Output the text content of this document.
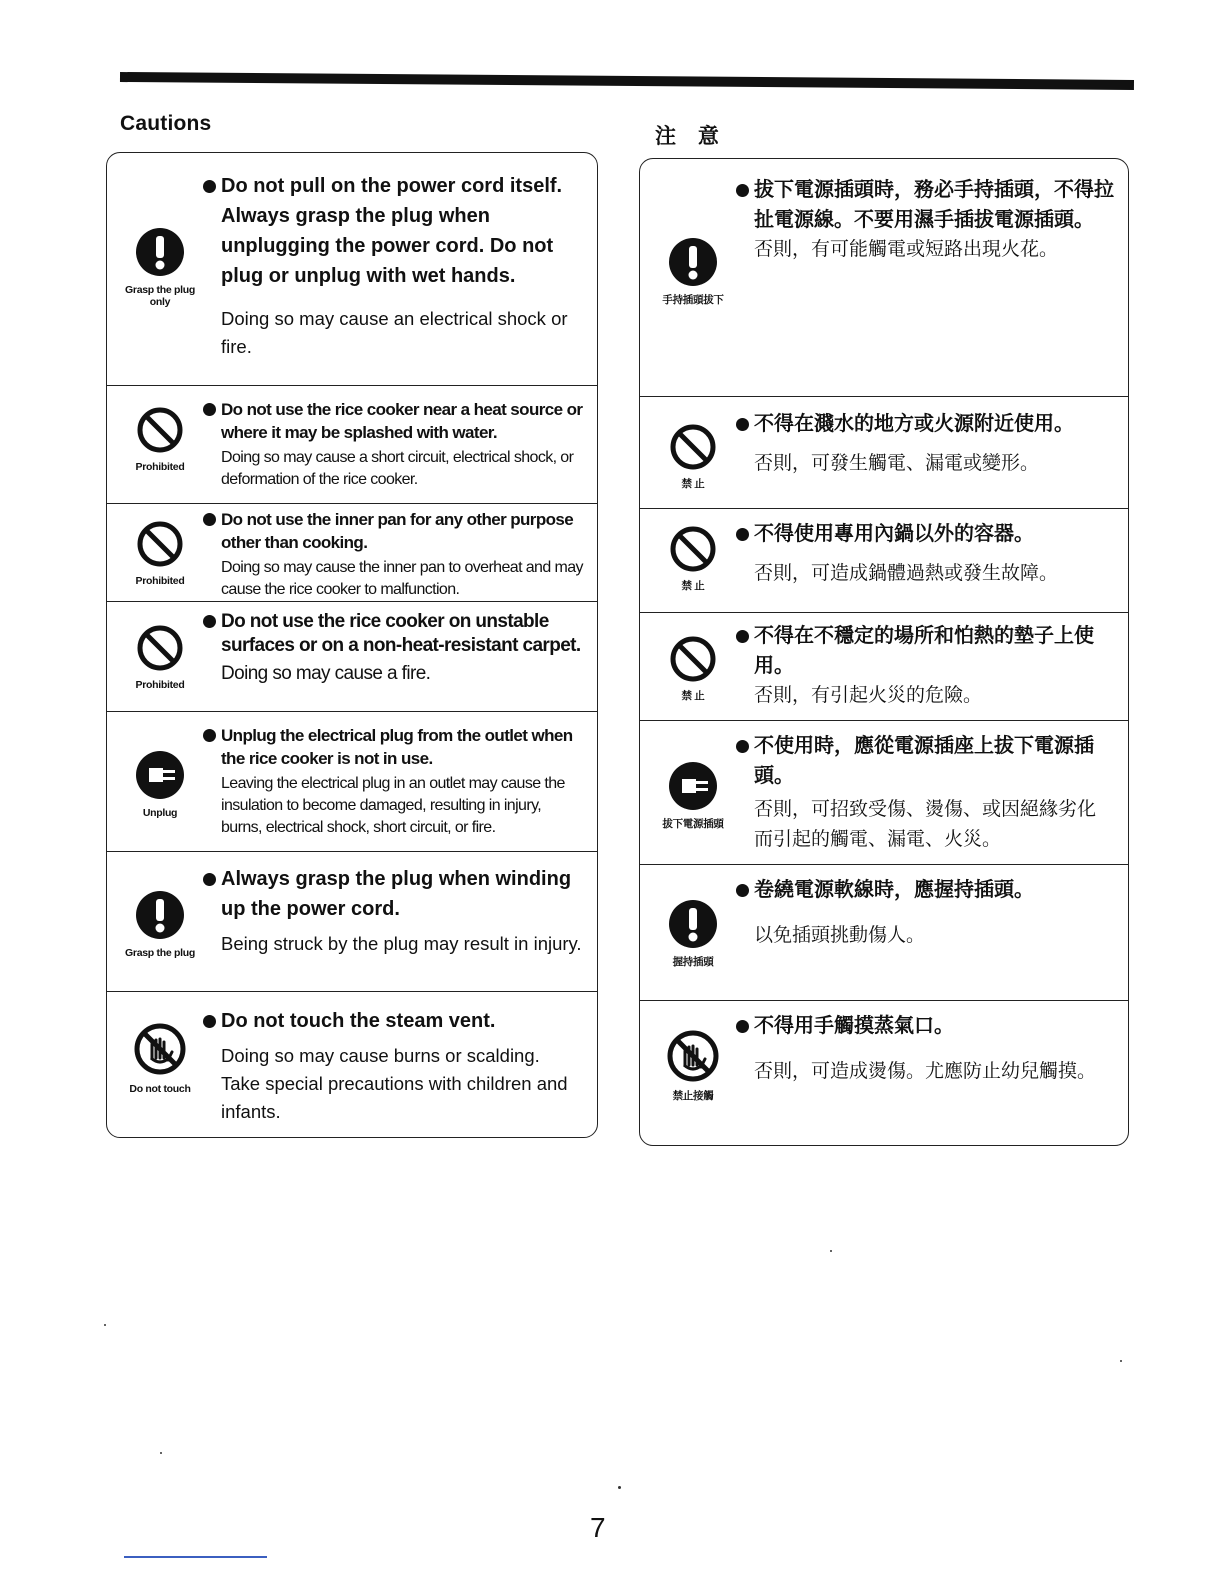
Cautions
注 意
Grasp the plug only

Do not pull on the power cord itself. Always grasp the plug when unplugging the power cord. Do not plug or unplug with wet hands.

Doing so may cause an electrical shock or fire.

Prohibited

Do not use the rice cooker near a heat source or where it may be splashed with water.

Doing so may cause a short circuit, electrical shock, or deformation of the rice cooker.

Prohibited

Do not use the inner pan for any other purpose other than cooking.

Doing so may cause the inner pan to overheat and may cause the rice cooker to malfunction.

Prohibited

Do not use the rice cooker on unstable surfaces or on a non-heat-resistant carpet.

Doing so may cause a fire.

Unplug

Unplug the electrical plug from the outlet when the rice cooker is not in use.

Leaving the electrical plug in an outlet may cause the insulation to become damaged, resulting in injury, burns, electrical shock, short circuit, or fire.

Grasp the plug

Always grasp the plug when winding up the power cord.

Being struck by the plug may result in injury.

Do not touch

Do not touch the steam vent.

Doing so may cause burns or scalding. Take special precautions with children and infants.

手持插頭拔下

拔下電源插頭時，務必手持插頭，不得拉扯電源線。不要用濕手插拔電源插頭。

否則，有可能觸電或短路出現火花。

禁 止

不得在濺水的地方或火源附近使用。

否則，可發生觸電、漏電或變形。

禁 止

不得使用專用內鍋以外的容器。

否則，可造成鍋體過熱或發生故障。

禁 止

不得在不穩定的場所和怕熱的墊子上使用。

否則，有引起火災的危險。

拔下電源插頭

不使用時，應從電源插座上拔下電源插頭。

否則，可招致受傷、燙傷、或因絕緣劣化而引起的觸電、漏電、火災。

握持插頭

卷繞電源軟線時，應握持插頭。

以免插頭挑動傷人。

禁止接觸

不得用手觸摸蒸氣口。

否則，可造成燙傷。尤應防止幼兒觸摸。

7
